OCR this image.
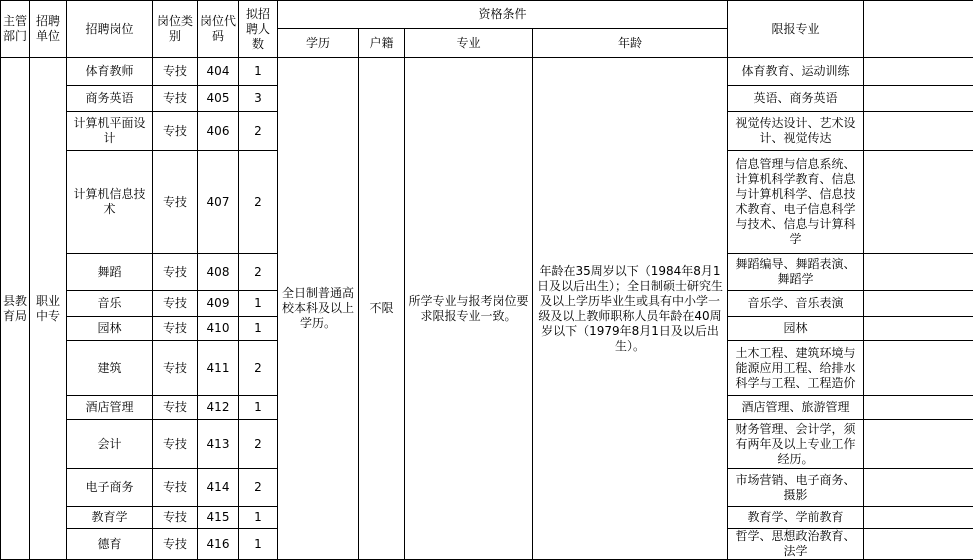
主管部门	招聘单位	招聘岗位	岗位类别	岗位代码	拟招聘人数	资格条件				限报专业	
						学历	户籍	专业	年龄		
县教育局	职业中专	体育教师	专技	404	1	全日制普通高校本科及以上学历。	不限	所学专业与报考岗位要求限报专业一致。	年龄在35周岁以下（1984年8月1日及以后出生）；全日制硕士研究生及以上学历毕业生或具有中小学一级及以上教师职称人员年龄在40周岁以下（1979年8月1日及以后出生）。	体育教育、运动训练	
		商务英语	专技	405	3					英语、商务英语	
		计算机平面设计	专技	406	2					视觉传达设计、艺术设计、视觉传达	
		计算机信息技术	专技	407	2					信息管理与信息系统、计算机科学教育、信息与计算机科学、信息技术教育、电子信息科学与技术、信息与计算科学	
		舞蹈	专技	408	2					舞蹈编导、舞蹈表演、舞蹈学	
		音乐	专技	409	1					音乐学、音乐表演	
		园林	专技	410	1					园林	
		建筑	专技	411	2					土木工程、建筑环境与能源应用工程、给排水科学与工程、工程造价	
		酒店管理	专技	412	1					酒店管理、旅游管理	
		会计	专技	413	2					财务管理、会计学，须有两年及以上专业工作经历。	
		电子商务	专技	414	2					市场营销、电子商务、摄影	
		教育学	专技	415	1					教育学、学前教育	
		德育	专技	416	1					哲学、思想政治教育、法学	
